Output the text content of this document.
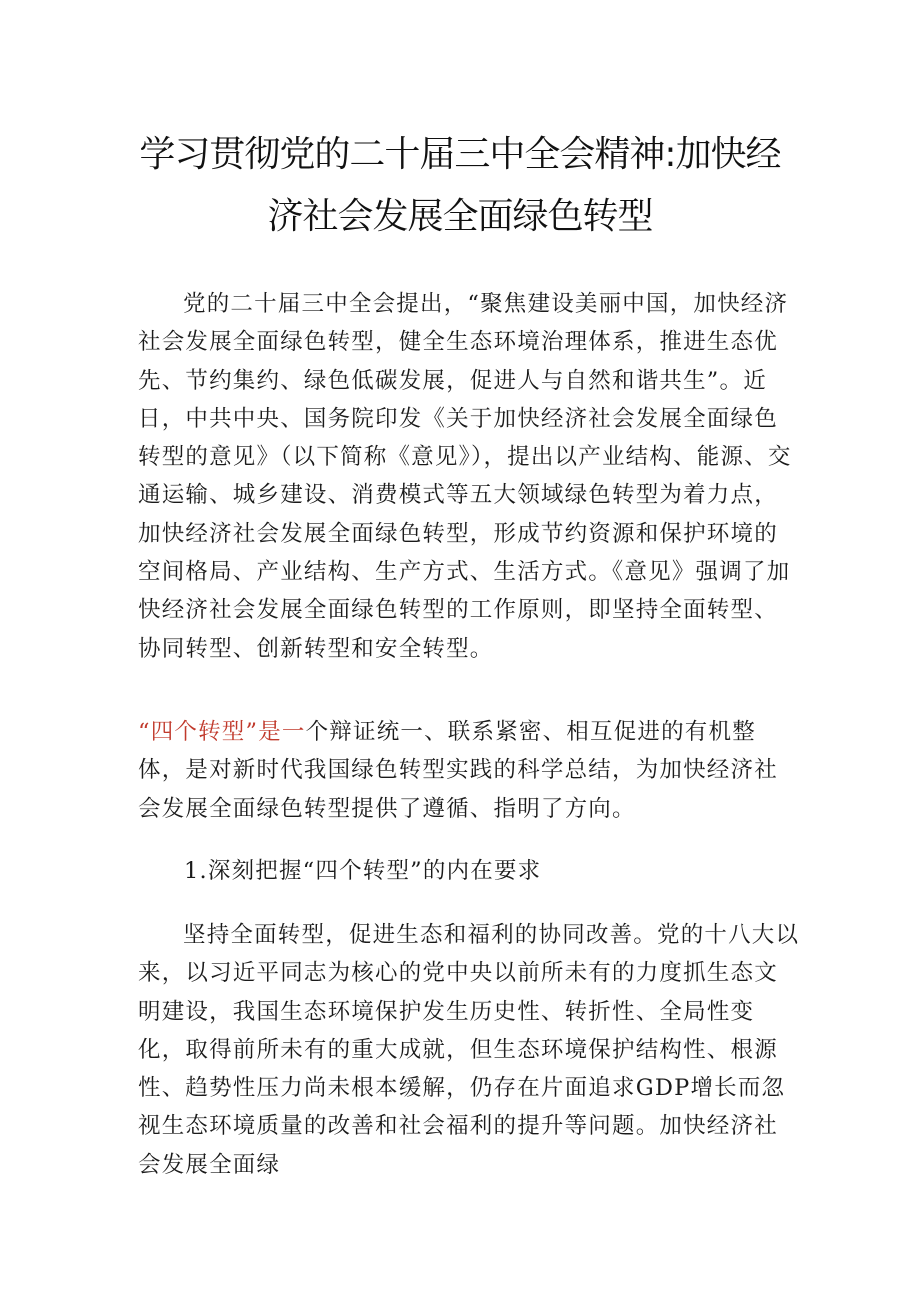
学习贯彻党的二十届三中全会精神:加快经
济社会发展全面绿色转型
党的二十届三中全会提出，“聚焦建设美丽中国，加快经济社会发展全面绿色转型，健全生态环境治理体系，推进生态优先、节约集约、绿色低碳发展，促进人与自然和谐共生”。近日，中共中央、国务院印发《关于加快经济社会发展全面绿色转型的意见》（以下简称《意见》），提出以产业结构、能源、交通运输、城乡建设、消费模式等五大领域绿色转型为着力点，加快经济社会发展全面绿色转型，形成节约资源和保护环境的空间格局、产业结构、生产方式、生活方式。《意见》强调了加快经济社会发展全面绿色转型的工作原则，即坚持全面转型、协同转型、创新转型和安全转型。
“四个转型”是一个辩证统一、联系紧密、相互促进的有机整体，是对新时代我国绿色转型实践的科学总结，为加快经济社会发展全面绿色转型提供了遵循、指明了方向。
1.深刻把握“四个转型”的内在要求
坚持全面转型，促进生态和福利的协同改善。党的十八大以来，以习近平同志为核心的党中央以前所未有的力度抓生态文明建设，我国生态环境保护发生历史性、转折性、全局性变化，取得前所未有的重大成就，但生态环境保护结构性、根源性、趋势性压力尚未根本缓解，仍存在片面追求GDP增长而忽视生态环境质量的改善和社会福利的提升等问题。加快经济社会发展全面绿
